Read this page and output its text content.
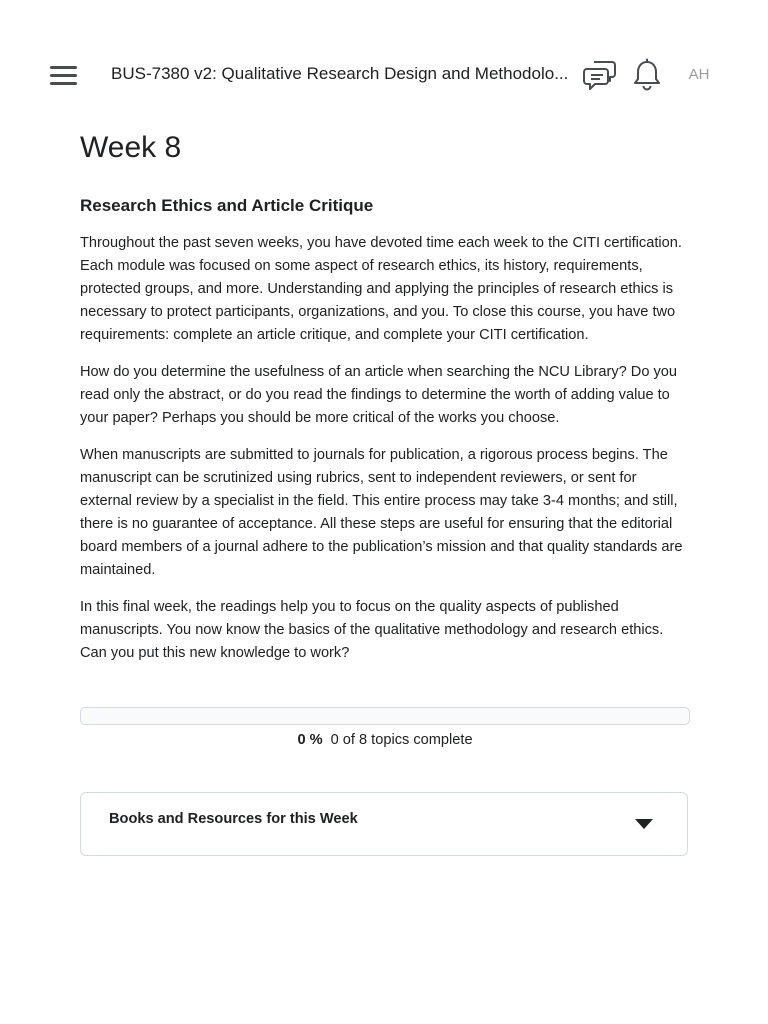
BUS-7380 v2: Qualitative Research Design and Methodolo...	AH
Week 8
Research Ethics and Article Critique

Throughout the past seven weeks, you have devoted time each week to the CITI certification. Each module was focused on some aspect of research ethics, its history, requirements, protected groups, and more. Understanding and applying the principles of research ethics is necessary to protect participants, organizations, and you. To close this course, you have two requirements: complete an article critique, and complete your CITI certification.

How do you determine the usefulness of an article when searching the NCU Library? Do you read only the abstract, or do you read the findings to determine the worth of adding value to your paper? Perhaps you should be more critical of the works you choose.

When manuscripts are submitted to journals for publication, a rigorous process begins. The manuscript can be scrutinized using rubrics, sent to independent reviewers, or sent for external review by a specialist in the field. This entire process may take 3-4 months; and still, there is no guarantee of acceptance. All these steps are useful for ensuring that the editorial board members of a journal adhere to the publication’s mission and that quality standards are maintained.

In this final week, the readings help you to focus on the quality aspects of published manuscripts. You now know the basics of the qualitative methodology and research ethics. Can you put this new knowledge to work?

0 % 0 of 8 topics complete
Books and Resources for this Week
